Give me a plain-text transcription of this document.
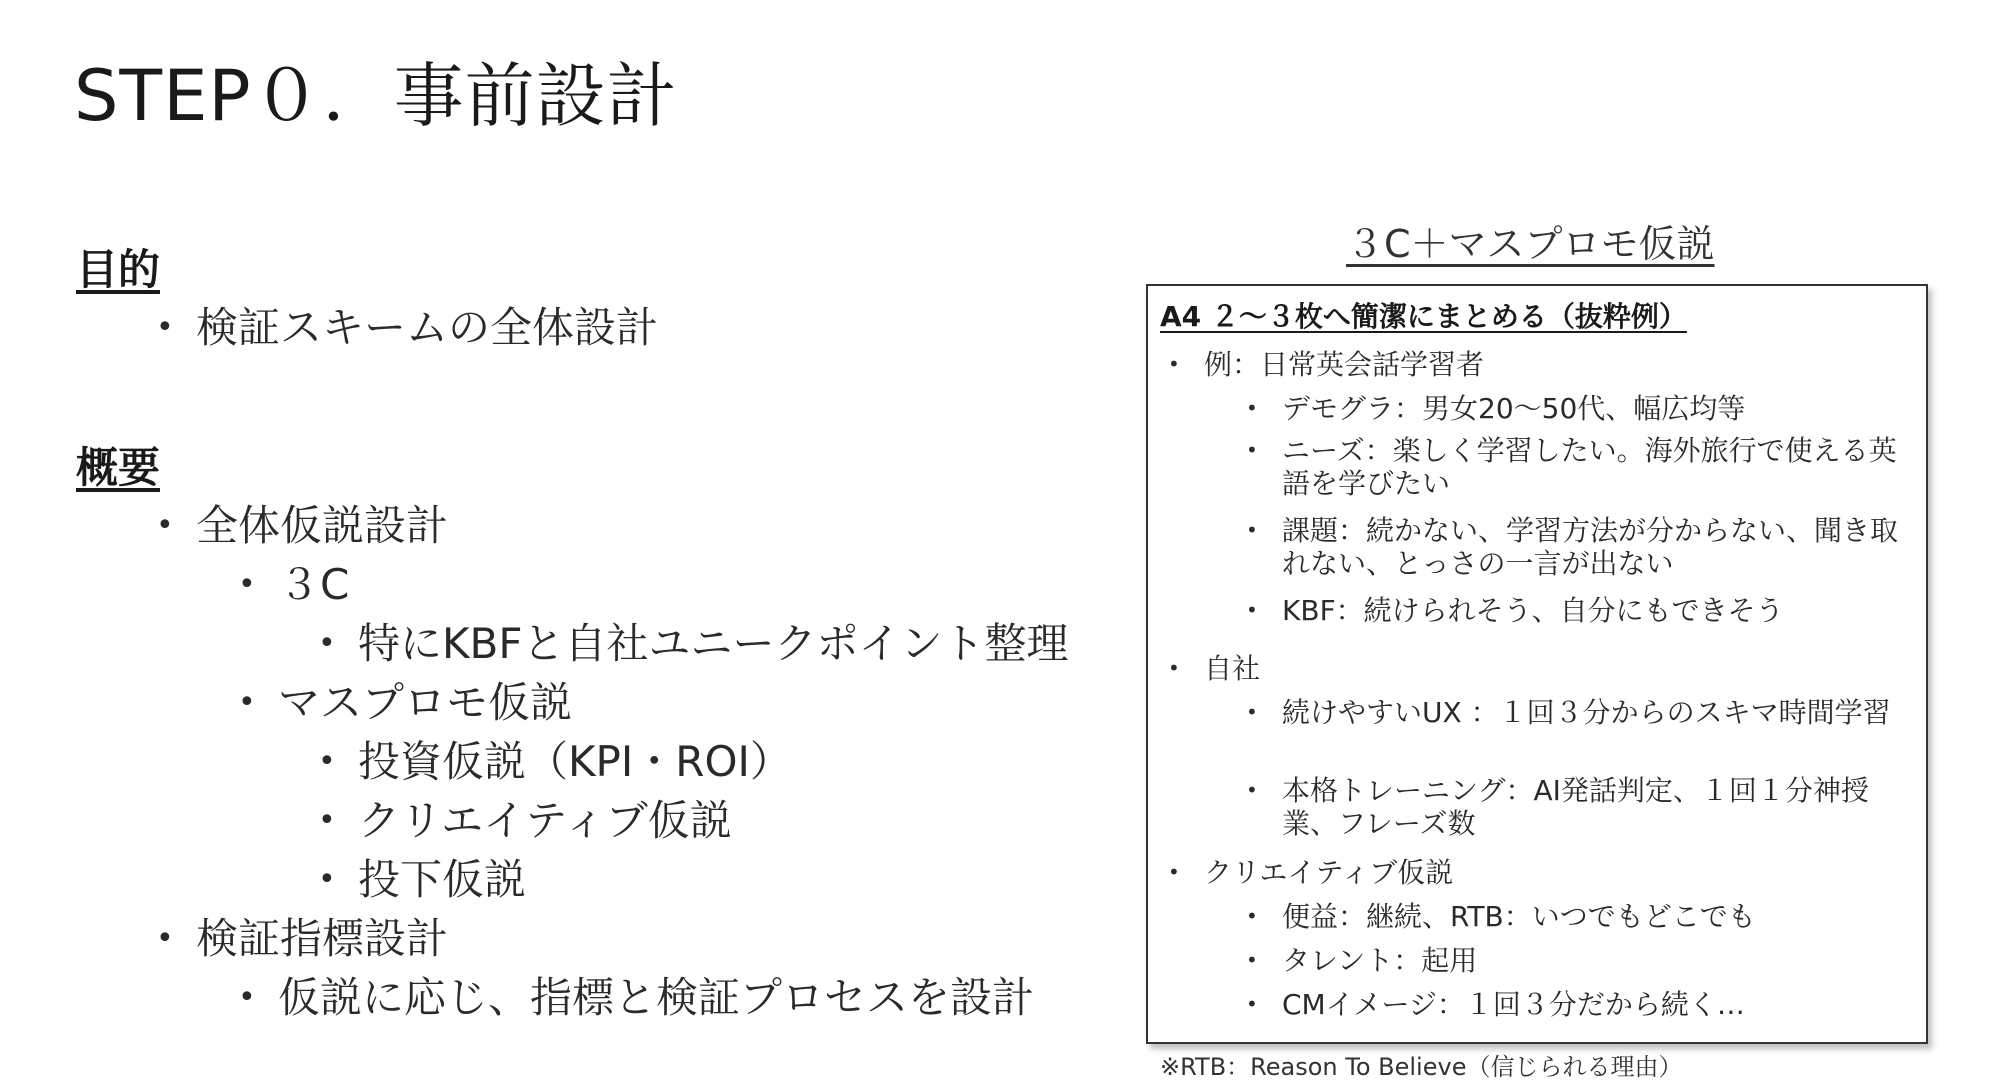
STEP０．事前設計
目的
• 検証スキームの全体設計
概要
• 全体仮説設計
• ３C
• 特にKBFと自社ユニークポイント整理
• マスプロモ仮説
• 投資仮説（KPI・ROI）
• クリエイティブ仮説
• 投下仮説
• 検証指標設計
• 仮説に応じ、指標と検証プロセスを設計
３C＋マスプロモ仮説
A4 ２～３枚へ簡潔にまとめる（抜粋例）
• 例：日常英会話学習者
• デモグラ：男女20～50代、幅広均等
• ニーズ：楽しく学習したい。海外旅行で使える英語を学びたい
• 課題：続かない、学習方法が分からない、聞き取れない、とっさの一言が出ない
• KBF：続けられそう、自分にもできそう
• 自社
• 続けやすいUX ：１回３分からのスキマ時間学習
• 本格トレーニング：AI発話判定、１回１分神授業、フレーズ数
• クリエイティブ仮説
• 便益：継続、RTB：いつでもどこでも
• タレント：起用
• CMイメージ：１回３分だから続く…
※RTB：Reason To Believe（信じられる理由）
